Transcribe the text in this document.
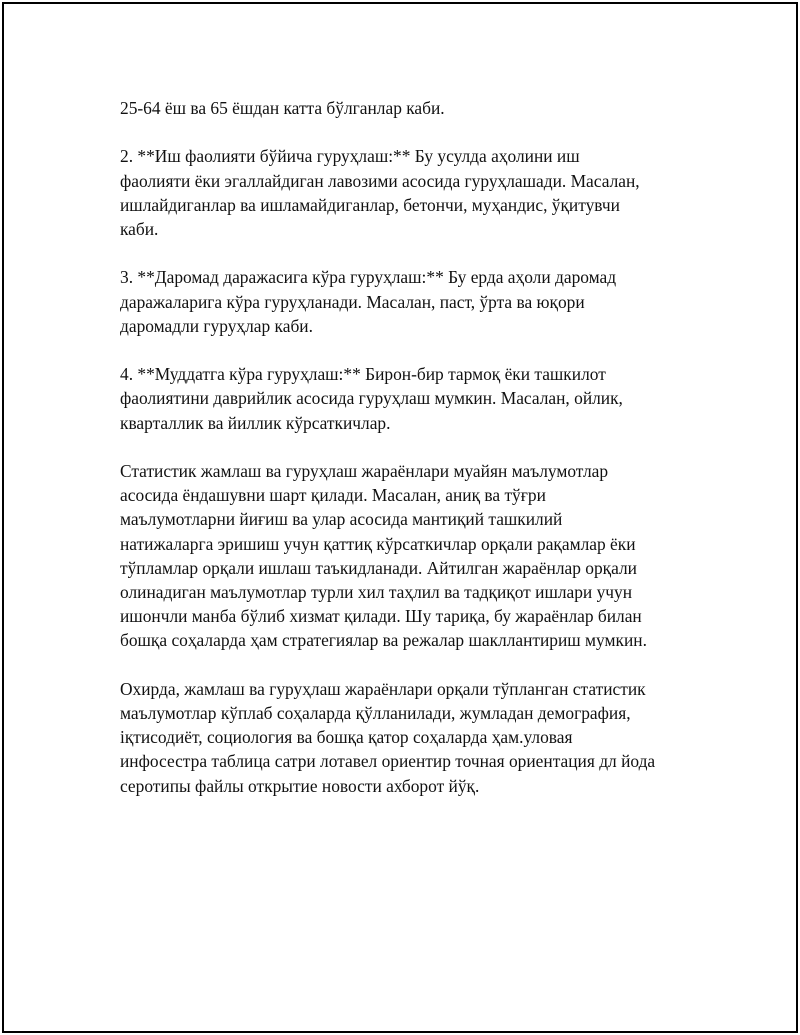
25-64 ёш ва 65 ёшдан катта бўлганлар каби.

2. **Иш фаолияти бўйича гуруҳлаш:** Бу усулда аҳолини иш
фаолияти ёки эгаллайдиган лавозими асосида гуруҳлашади. Масалан,
ишлайдиганлар ва ишламайдиганлар, бетончи, муҳандис, ўқитувчи
каби.

3. **Даромад даражасига кўра гуруҳлаш:** Бу ерда аҳоли даромад
даражаларига кўра гуруҳланади. Масалан, паст, ўрта ва юқори
даромадли гуруҳлар каби.

4. **Муддатга кўра гуруҳлаш:** Бирон-бир тармоқ ёки ташкилот
фаолиятини даврийлик асосида гуруҳлаш мумкин. Масалан, ойлик,
кварталлик ва йиллик кўрсаткичлар.

Статистик жамлаш ва гуруҳлаш жараёнлари муайян маълумотлар
асосида ёндашувни шарт қилади. Масалан, аниқ ва тўғри
маълумотларни йиғиш ва улар асосида мантиқий ташкилий
натижаларга эришиш учун қаттиқ кўрсаткичлар орқали рақамлар ёки
тўпламлар орқали ишлаш таъкидланади. Айтилган жараёнлар орқали
олинадиган маълумотлар турли хил таҳлил ва тадқиқот ишлари учун
ишончли манба бўлиб хизмат қилади. Шу тариқа, бу жараёнлар билан
бошқа соҳаларда ҳам стратегиялар ва режалар шакллантириш мумкин.

Охирда, жамлаш ва гуруҳлаш жараёнлари орқали тўпланган статистик
маълумотлар кўплаб соҳаларда қўлланилади, жумладан демография,
iқтисодиёт, социология ва бошқа қатор соҳаларда ҳам.уловая
инфосестра таблица сатри лотавел ориентир точная ориентация дл йода
серотипы файлы открытие новости ахборот йўқ.
